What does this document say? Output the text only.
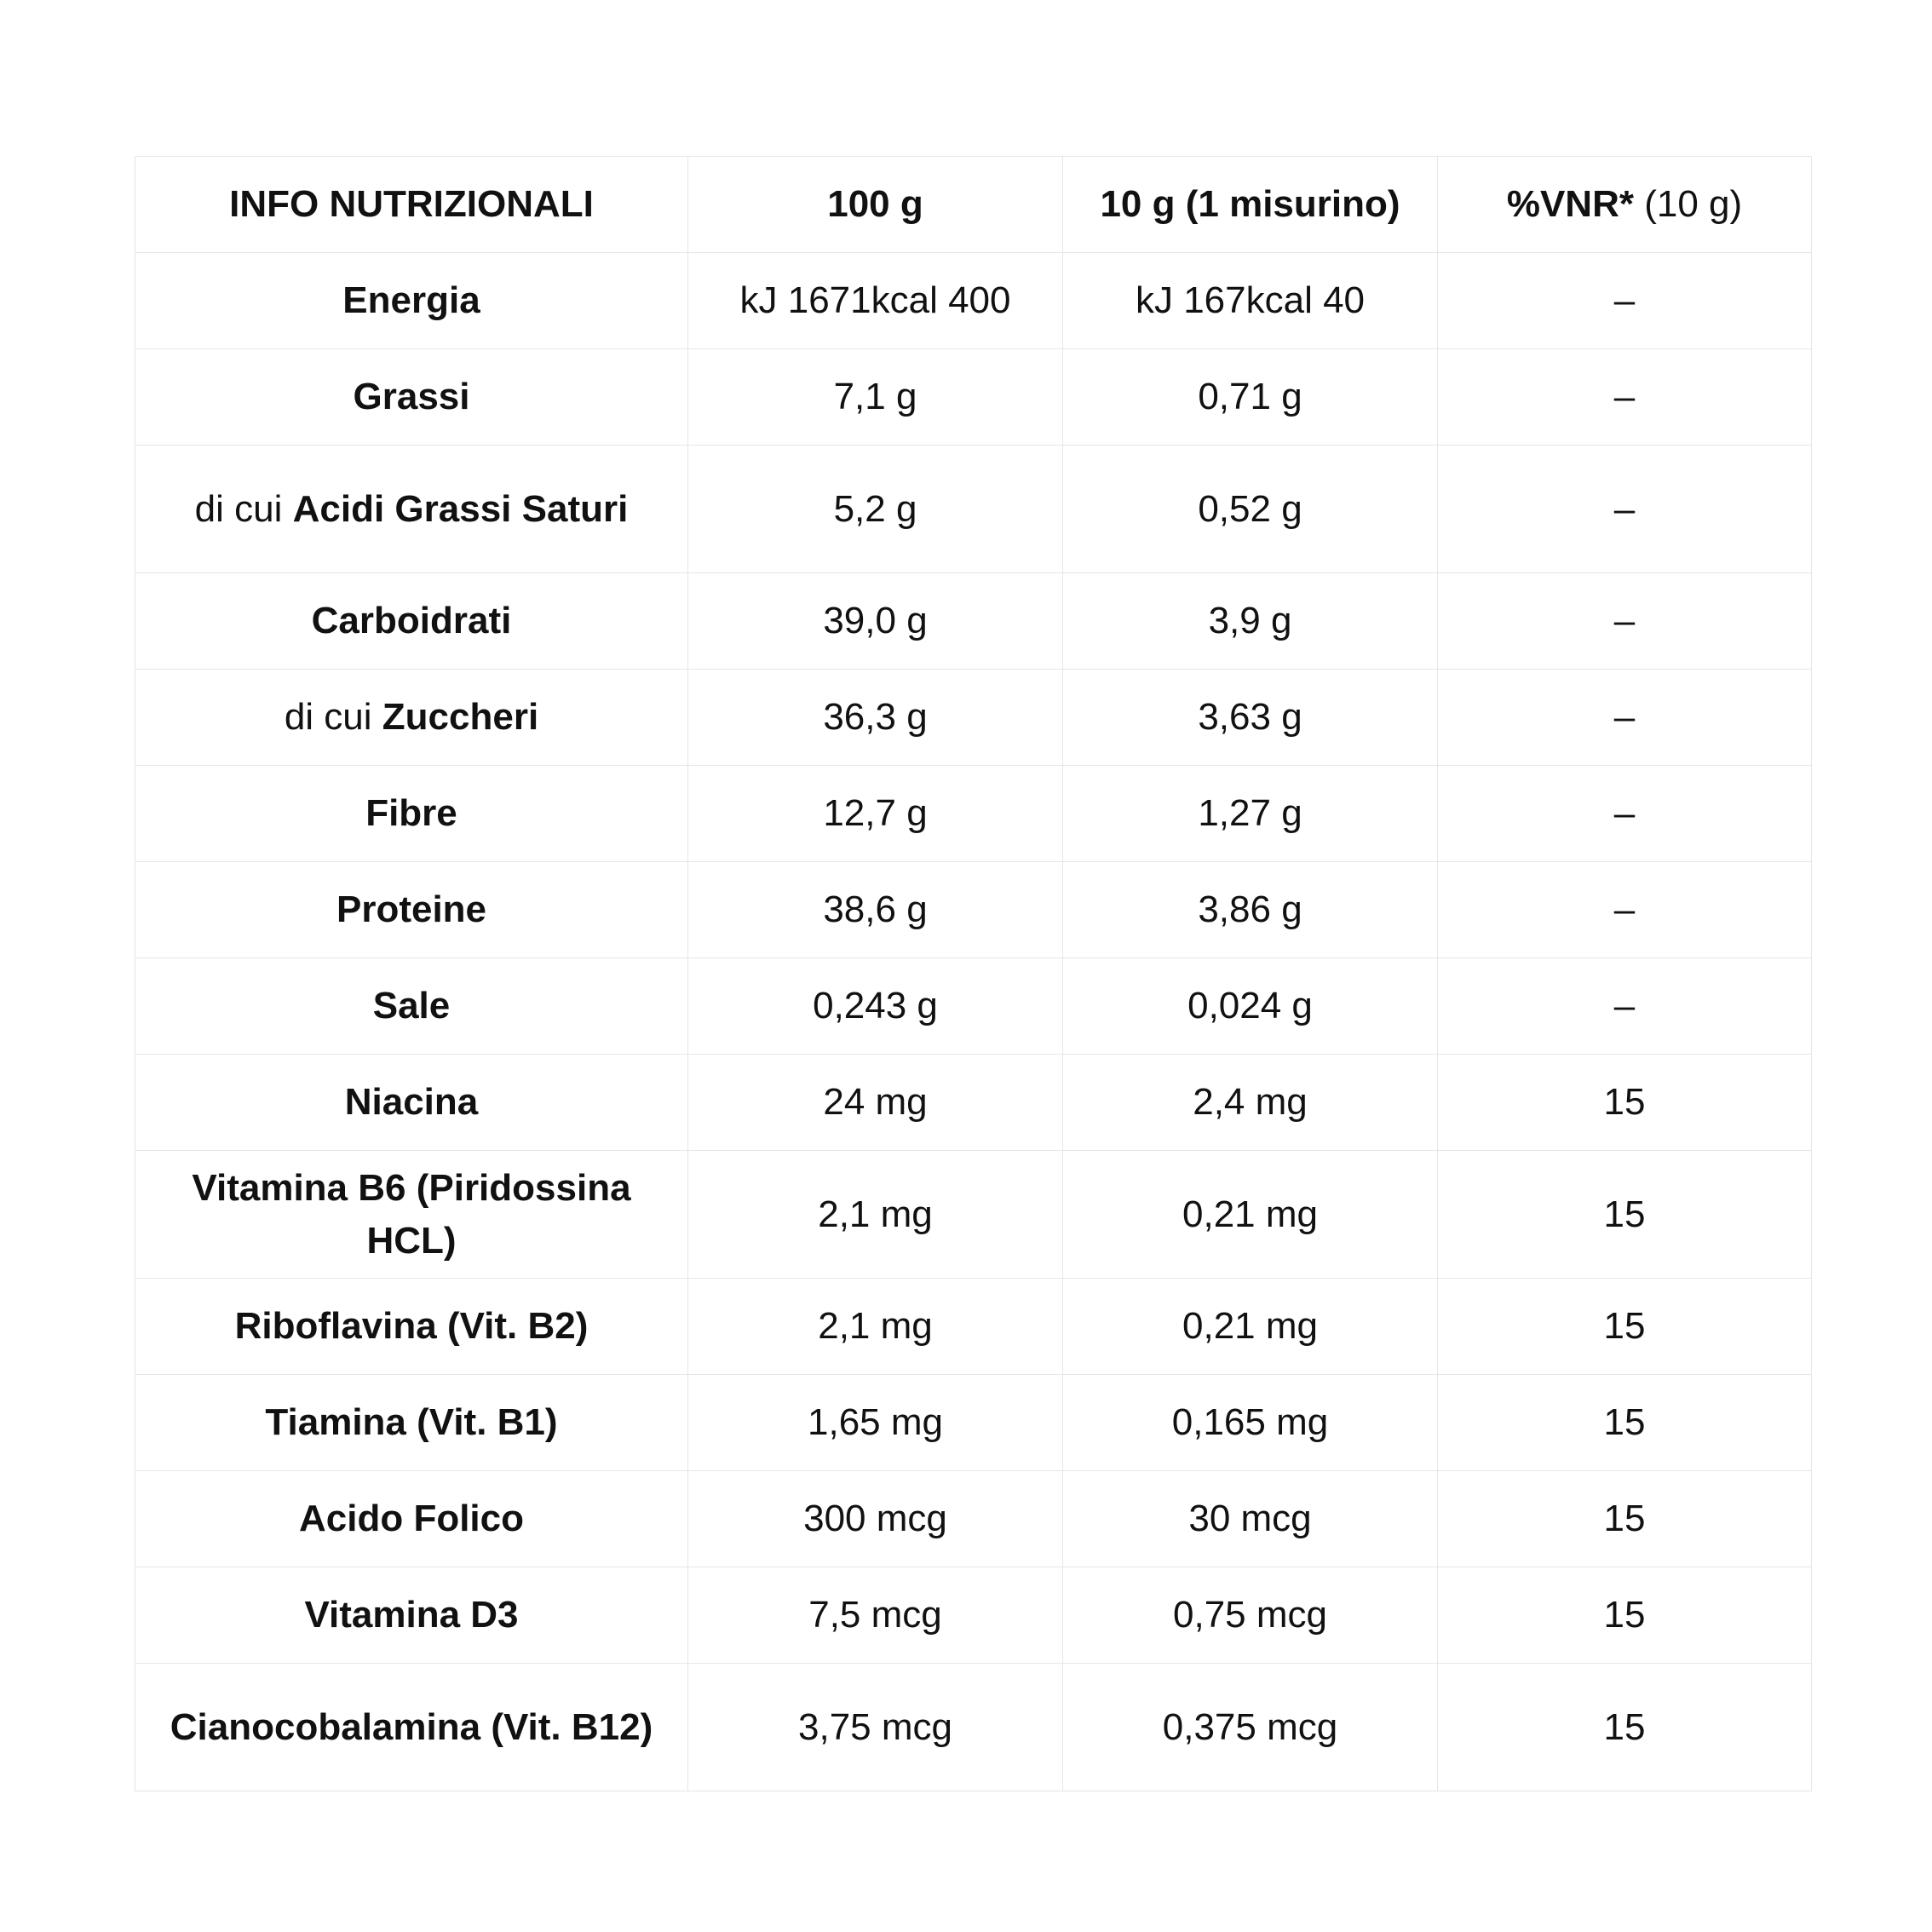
INFO NUTRIZIONALI	100 g	10 g (1 misurino)	%VNR* (10 g)
Energia	kJ 1671kcal 400	kJ 167kcal 40	–
Grassi	7,1 g	0,71 g	–
di cui Acidi Grassi Saturi	5,2 g	0,52 g	–
Carboidrati	39,0 g	3,9 g	–
di cui Zuccheri	36,3 g	3,63 g	–
Fibre	12,7 g	1,27 g	–
Proteine	38,6 g	3,86 g	–
Sale	0,243 g	0,024 g	–
Niacina	24 mg	2,4 mg	15
Vitamina B6 (Piridossina HCL)	2,1 mg	0,21 mg	15
Riboflavina (Vit. B2)	2,1 mg	0,21 mg	15
Tiamina (Vit. B1)	1,65 mg	0,165 mg	15
Acido Folico	300 mcg	30 mcg	15
Vitamina D3	7,5 mcg	0,75 mcg	15
Cianocobalamina (Vit. B12)	3,75 mcg	0,375 mcg	15
